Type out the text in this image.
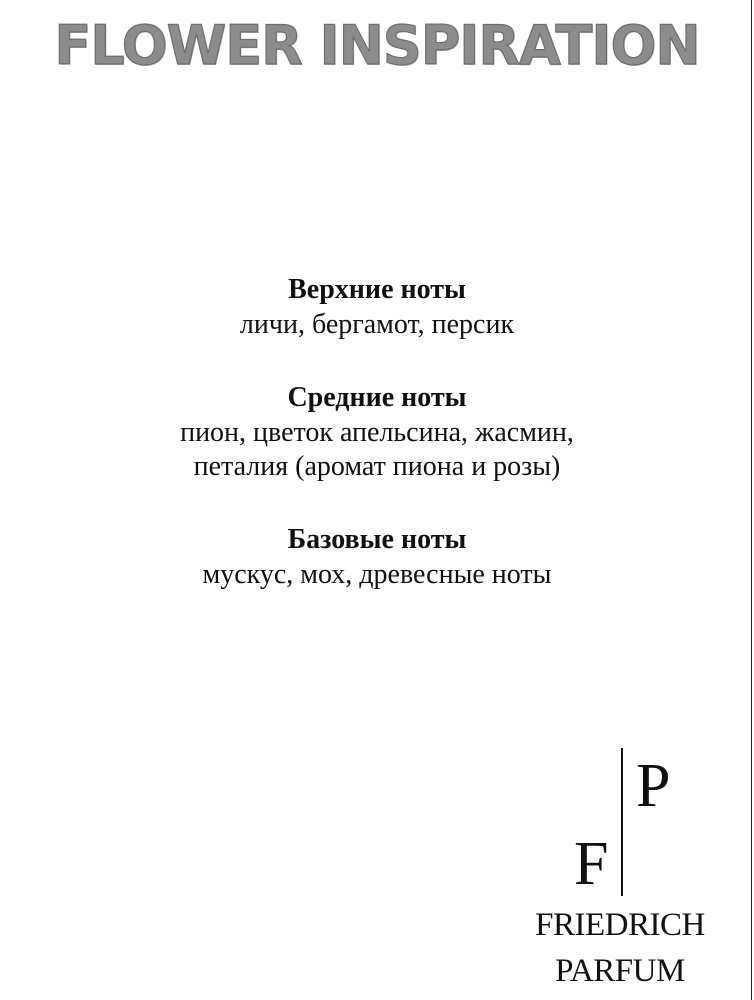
FLOWER INSPIRATION

Верхние ноты

личи, бергамот, персик

Средние ноты

пион, цветок апельсина, жасмин,

петалия (аромат пиона и розы)

Базовые ноты

мускус, мох, древесные ноты

P
F
FRIEDRICH
PARFUM
